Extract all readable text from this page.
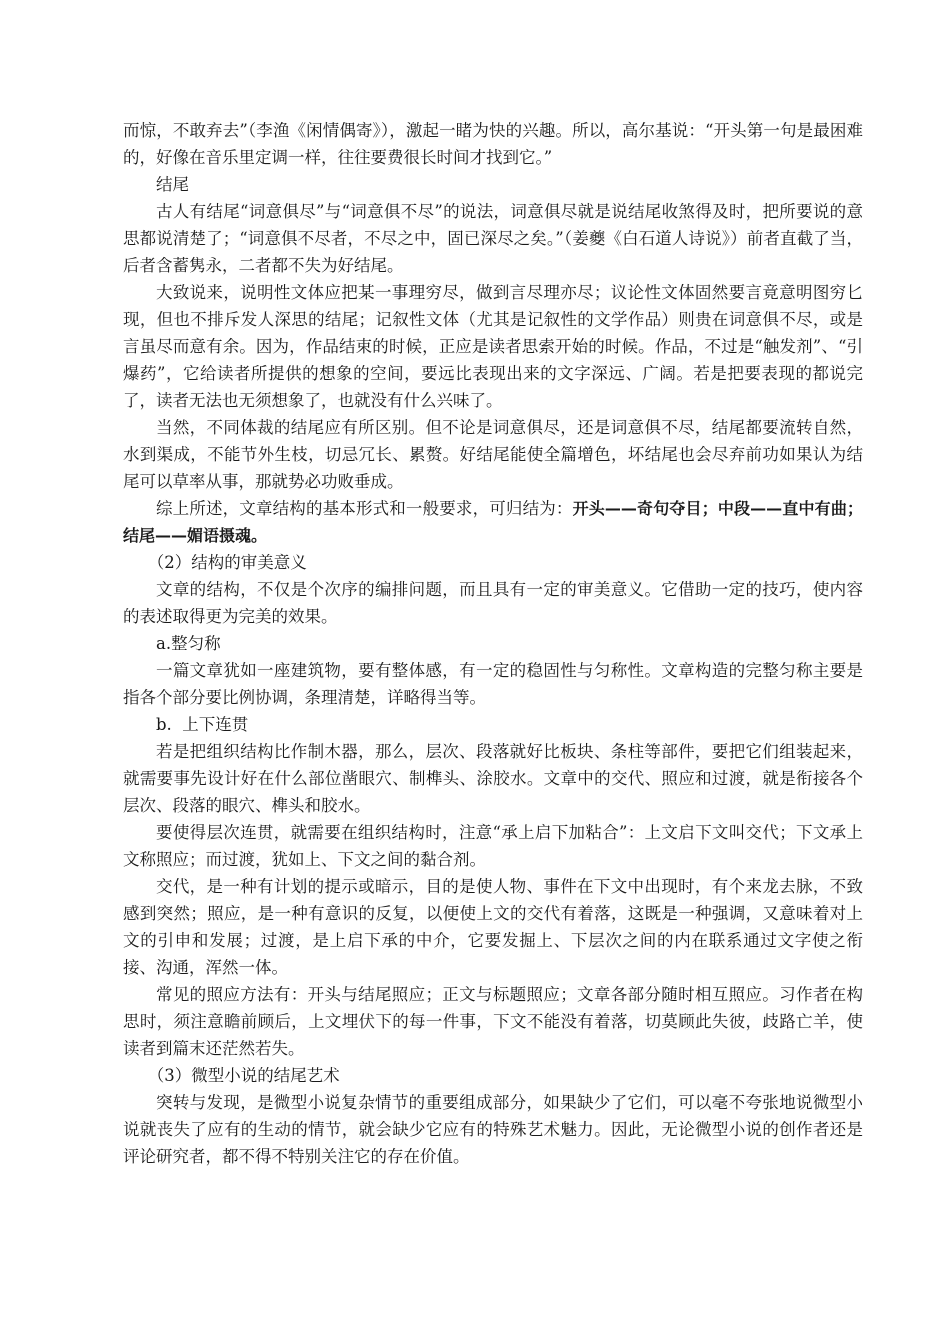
而惊，不敢弃去”（李渔《闲情偶寄》），激起一睹为快的兴趣。所以，高尔基说：“开头第一句是最困难的，好像在音乐里定调一样，往往要费很长时间才找到它。”

结尾

古人有结尾“词意俱尽”与“词意俱不尽”的说法，词意俱尽就是说结尾收煞得及时，把所要说的意思都说清楚了；“词意俱不尽者，不尽之中，固已深尽之矣。”（姜夔《白石道人诗说》）前者直截了当，后者含蓄隽永，二者都不失为好结尾。

大致说来，说明性文体应把某一事理穷尽，做到言尽理亦尽；议论性文体固然要言竟意明图穷匕现，但也不排斥发人深思的结尾；记叙性文体（尤其是记叙性的文学作品）则贵在词意俱不尽，或是言虽尽而意有余。因为，作品结束的时候，正应是读者思索开始的时候。作品，不过是“触发剂”、“引爆药”，它给读者所提供的想象的空间，要远比表现出来的文字深远、广阔。若是把要表现的都说完了，读者无法也无须想象了，也就没有什么兴味了。

当然，不同体裁的结尾应有所区别。但不论是词意俱尽，还是词意俱不尽，结尾都要流转自然，水到渠成，不能节外生枝，切忌冗长、累赘。好结尾能使全篇增色，坏结尾也会尽弃前功如果认为结尾可以草率从事，那就势必功败垂成。

综上所述，文章结构的基本形式和一般要求，可归结为：开头——奇句夺目；中段——直中有曲；结尾——媚语摄魂。

（2）结构的审美意义

文章的结构，不仅是个次序的编排问题，而且具有一定的审美意义。它借助一定的技巧，使内容的表述取得更为完美的效果。

a.整匀称

一篇文章犹如一座建筑物，要有整体感，有一定的稳固性与匀称性。文章构造的完整匀称主要是指各个部分要比例协调，条理清楚，详略得当等。

b.  上下连贯

若是把组织结构比作制木器，那么，层次、段落就好比板块、条柱等部件，要把它们组装起来，就需要事先设计好在什么部位凿眼穴、制榫头、涂胶水。文章中的交代、照应和过渡，就是衔接各个层次、段落的眼穴、榫头和胶水。

要使得层次连贯，就需要在组织结构时，注意“承上启下加粘合”：上文启下文叫交代；下文承上文称照应；而过渡，犹如上、下文之间的黏合剂。

交代，是一种有计划的提示或暗示，目的是使人物、事件在下文中出现时，有个来龙去脉，不致感到突然；照应，是一种有意识的反复，以便使上文的交代有着落，这既是一种强调，又意味着对上文的引申和发展；过渡，是上启下承的中介，它要发掘上、下层次之间的内在联系通过文字使之衔接、沟通，浑然一体。

常见的照应方法有：开头与结尾照应；正文与标题照应；文章各部分随时相互照应。习作者在构思时，须注意瞻前顾后，上文埋伏下的每一件事，下文不能没有着落，切莫顾此失彼，歧路亡羊，使读者到篇末还茫然若失。

（3）微型小说的结尾艺术

突转与发现，是微型小说复杂情节的重要组成部分，如果缺少了它们，可以毫不夸张地说微型小说就丧失了应有的生动的情节，就会缺少它应有的特殊艺术魅力。因此，无论微型小说的创作者还是评论研究者，都不得不特别关注它的存在价值。
